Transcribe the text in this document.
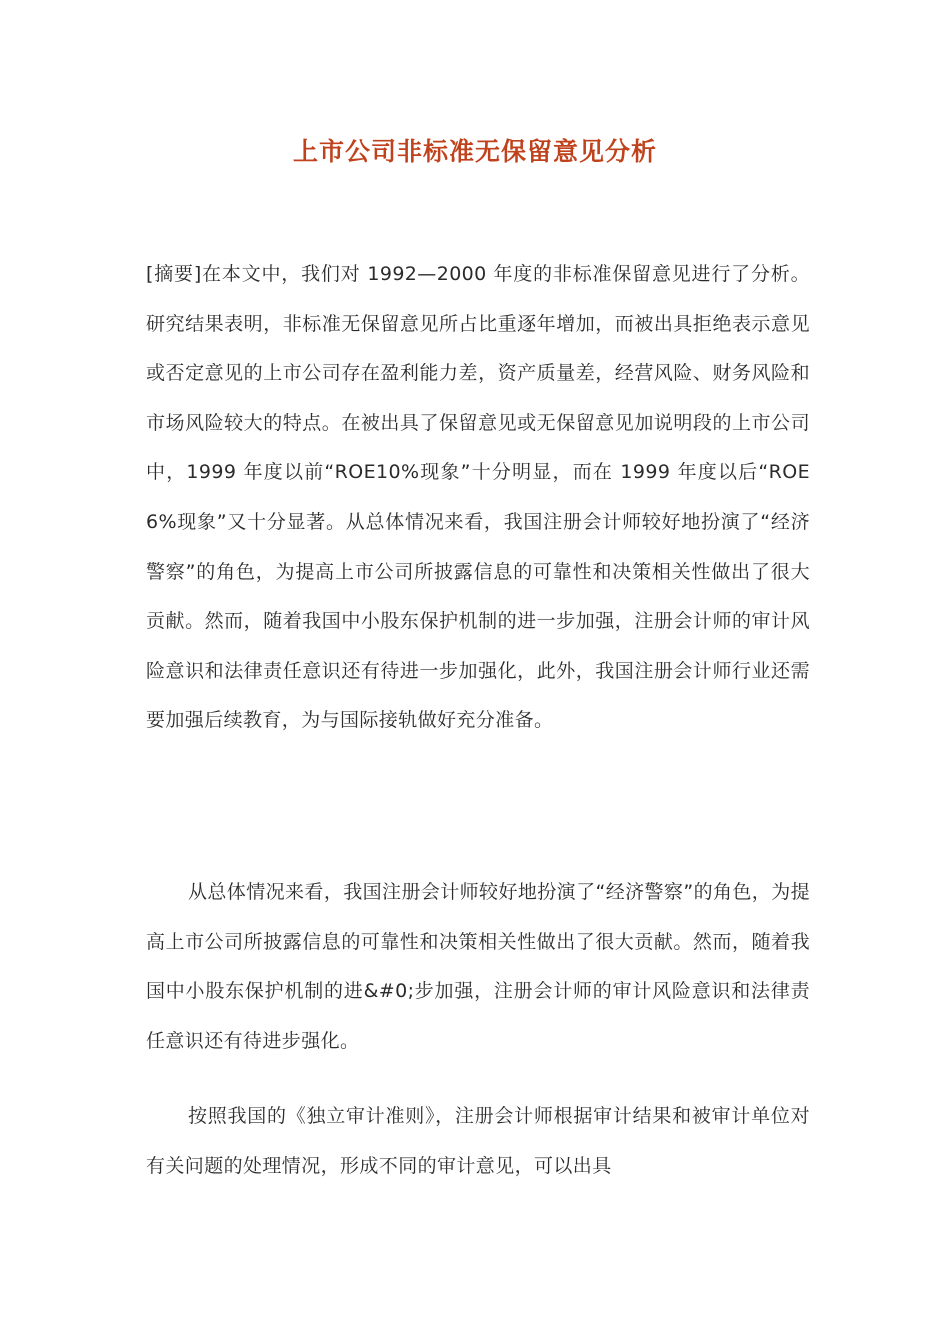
上市公司非标准无保留意见分析

[摘要]在本文中，我们对 1992—2000 年度的非标准保留意见进行了分析。研究结果表明，非标准无保留意见所占比重逐年增加，而被出具拒绝表示意见或否定意见的上市公司存在盈利能力差，资产质量差，经营风险、财务风险和市场风险较大的特点。在被出具了保留意见或无保留意见加说明段的上市公司中，1999 年度以前“ROE10%现象”十分明显，而在 1999 年度以后“ROE 6%现象”又十分显著。从总体情况来看，我国注册会计师较好地扮演了“经济警察”的角色，为提高上市公司所披露信息的可靠性和决策相关性做出了很大贡献。然而，随着我国中小股东保护机制的进一步加强，注册会计师的审计风险意识和法律责任意识还有待进一步加强化，此外，我国注册会计师行业还需要加强后续教育，为与国际接轨做好充分准备。

从总体情况来看，我国注册会计师较好地扮演了“经济警察”的角色，为提高上市公司所披露信息的可靠性和决策相关性做出了很大贡献。然而，随着我国中小股东保护机制的进&#0;步加强，注册会计师的审计风险意识和法律责任意识还有待进步强化。

按照我国的《独立审计准则》，注册会计师根据审计结果和被审计单位对有关问题的处理情况，形成不同的审计意见，可以出具
